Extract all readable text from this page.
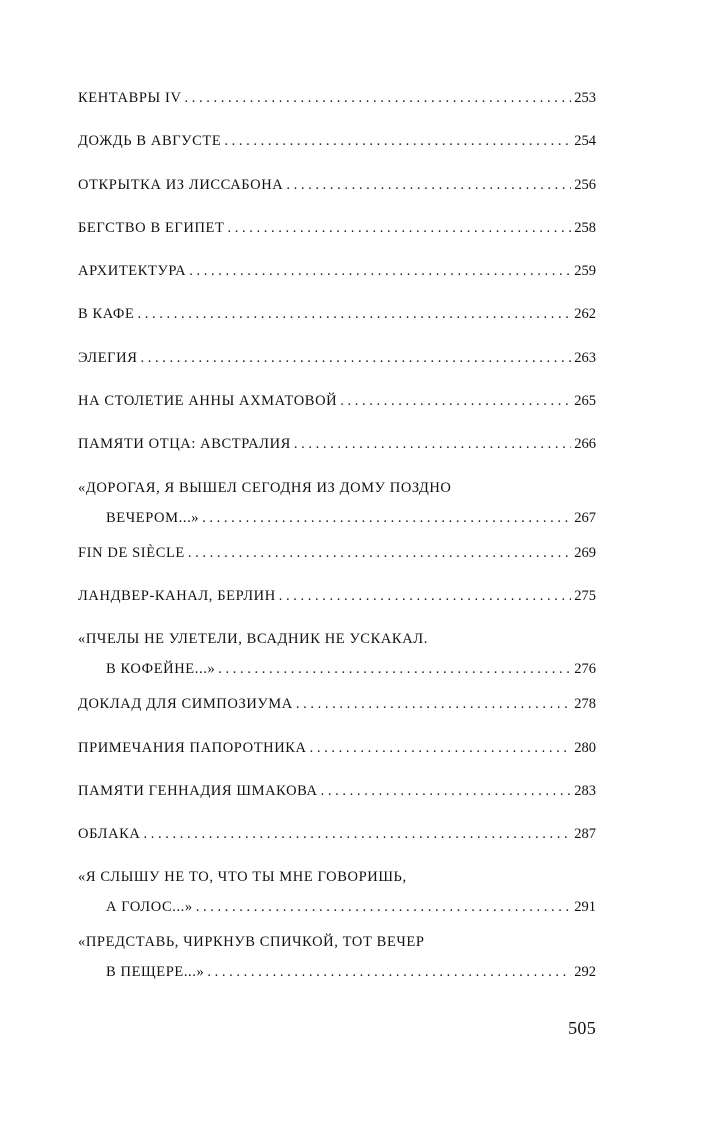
КЕНТАВРЫ IV . . .	253
ДОЖДЬ В АВГУСТЕ . . .	254
ОТКРЫТКА ИЗ ЛИССАБОНА . . .	256
БЕГСТВО В ЕГИПЕТ . . .	258
АРХИТЕКТУРА . . .	259
В КАФЕ . . .	262
ЭЛЕГИЯ . . .	263
НА СТОЛЕТИЕ АННЫ АХМАТОВОЙ . . .	265
ПАМЯТИ ОТЦА: АВСТРАЛИЯ . . .	266
«ДОРОГАЯ, Я ВЫШЕЛ СЕГОДНЯ ИЗ ДОМУ ПОЗДНО
ВЕЧЕРОМ...» . . .	267
FIN DE SIÈCLE . . .	269
ЛАНДВЕР-КАНАЛ, БЕРЛИН . . .	275
«ПЧЕЛЫ НЕ УЛЕТЕЛИ, ВСАДНИК НЕ УСКАКАЛ.
В КОФЕЙНЕ...» . . .	276
ДОКЛАД ДЛЯ СИМПОЗИУМА . . .	278
ПРИМЕЧАНИЯ ПАПОРОТНИКА . . .	280
ПАМЯТИ ГЕННАДИЯ ШМАКОВА . . .	283
ОБЛАКА . . .	287
«Я СЛЫШУ НЕ ТО, ЧТО ТЫ МНЕ ГОВОРИШЬ,
А ГОЛОС...» . . .	291
«ПРЕДСТАВЬ, ЧИРКНУВ СПИЧКОЙ, ТОТ ВЕЧЕР
В ПЕЩЕРЕ...» . . .	292
505
